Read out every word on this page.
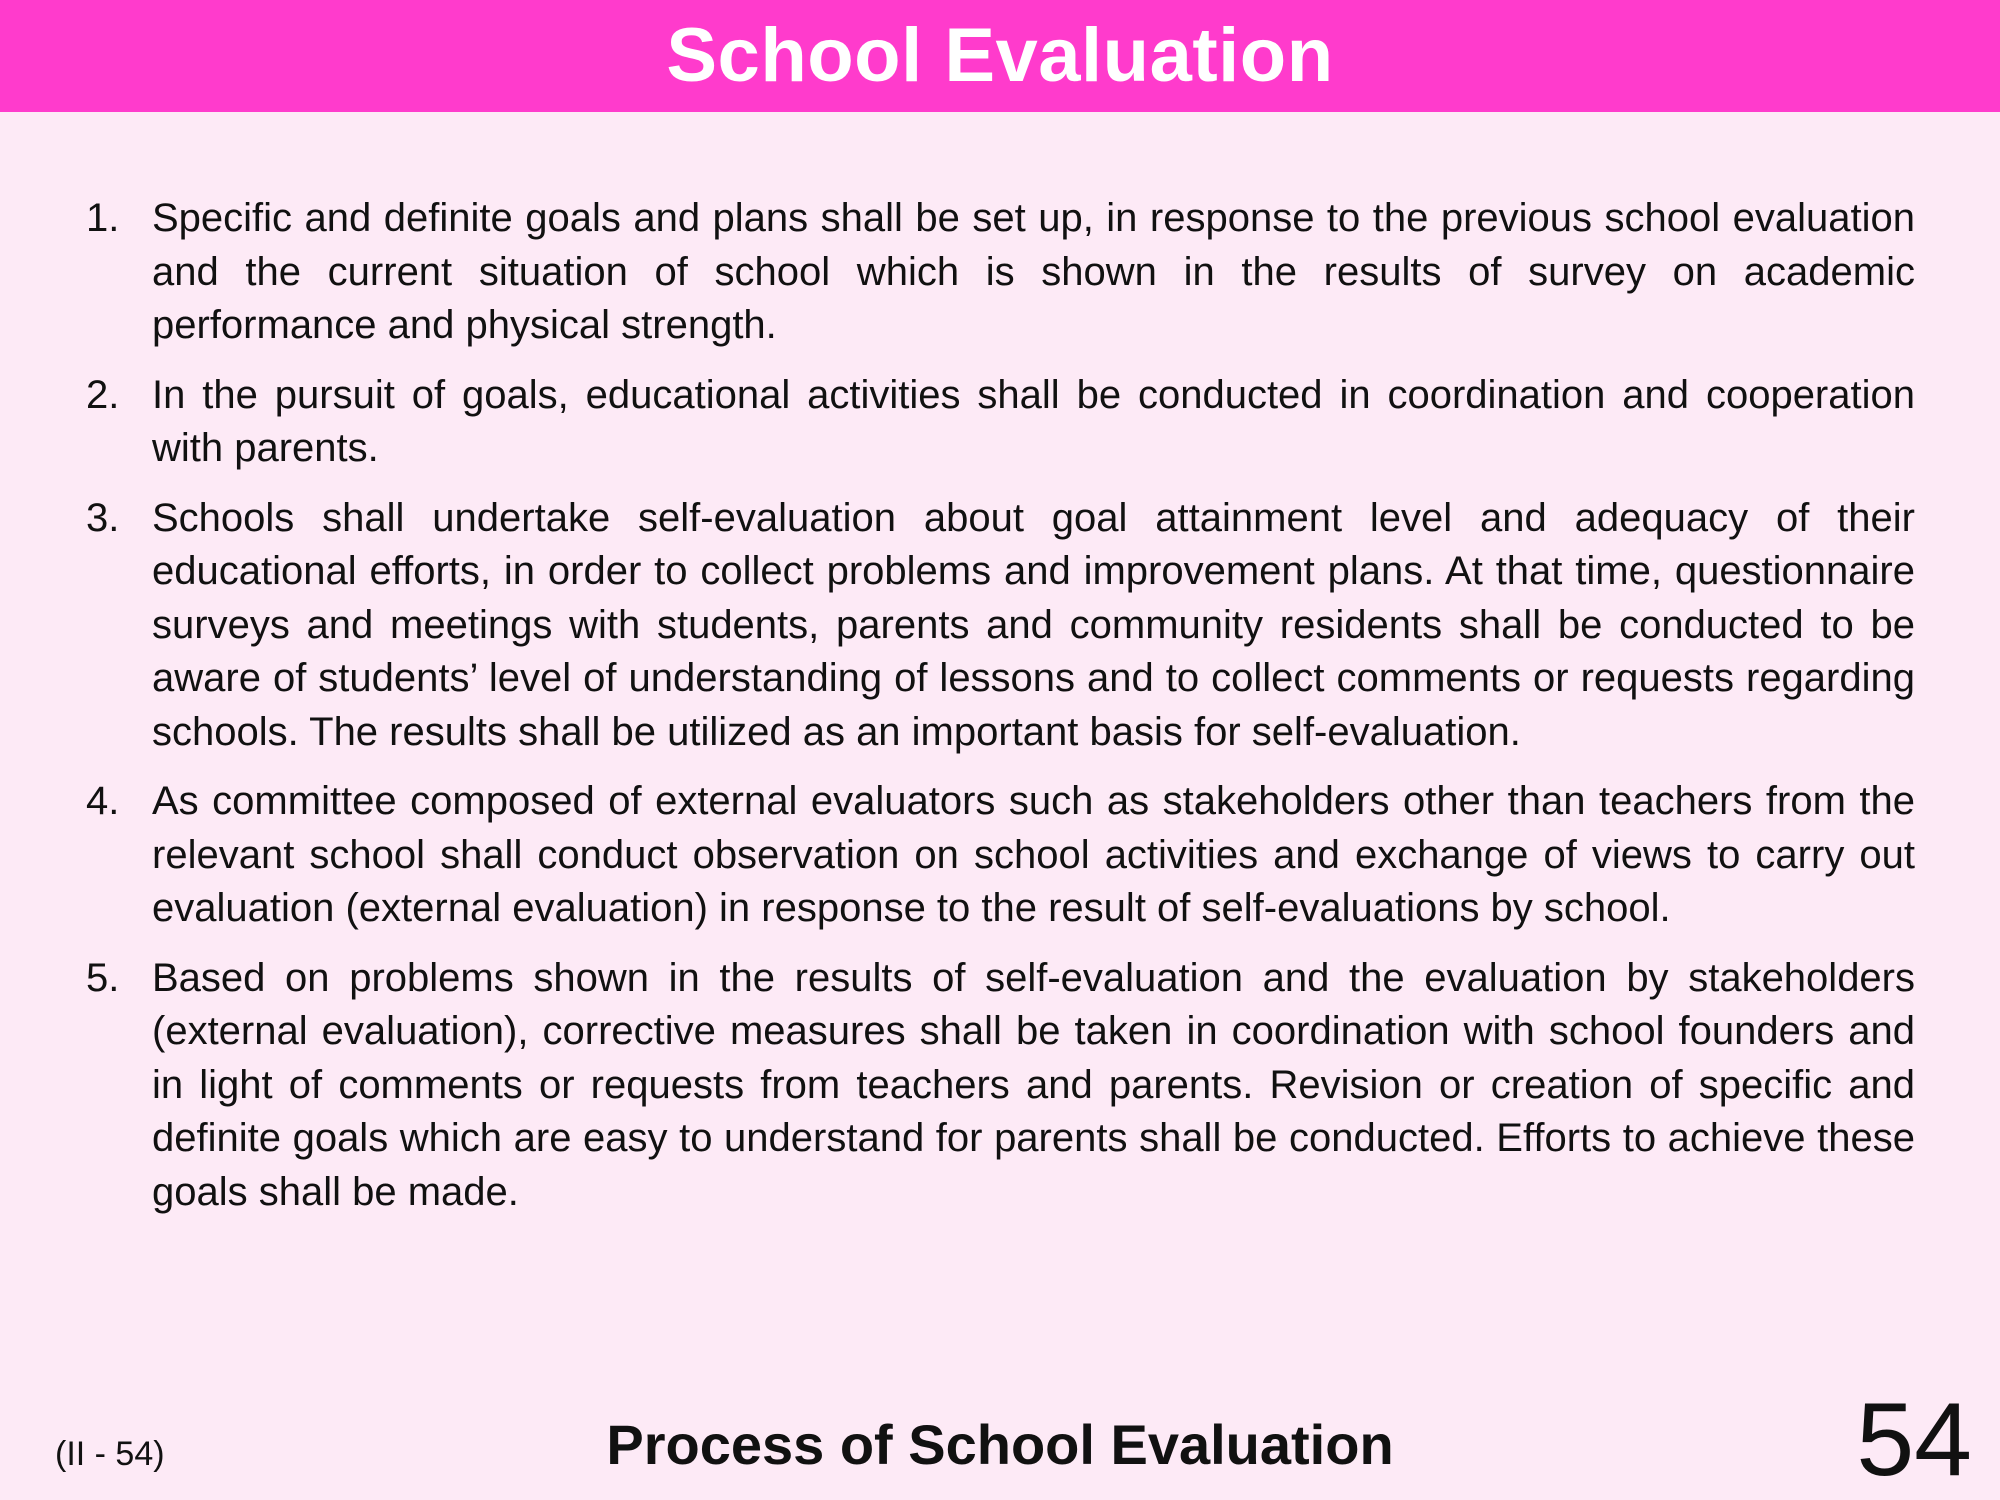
School Evaluation
1. Specific and definite goals and plans shall be set up, in response to the previous school evaluation and the current situation of school which is shown in the results of survey on academic performance and physical strength.
2. In the pursuit of goals, educational activities shall be conducted in coordination and cooperation with parents.
3. Schools shall undertake self-evaluation about goal attainment level and adequacy of their educational efforts, in order to collect problems and improvement plans. At that time, questionnaire surveys and meetings with students, parents and community residents shall be conducted to be aware of students’ level of understanding of lessons and to collect comments or requests regarding schools. The results shall be utilized as an important basis for self-evaluation.
4. As committee composed of external evaluators such as stakeholders other than teachers from the relevant school shall conduct observation on school activities and exchange of views to carry out evaluation (external evaluation) in response to the result of self-evaluations by school.
5. Based on problems shown in the results of self-evaluation and the evaluation by stakeholders (external evaluation), corrective measures shall be taken in coordination with school founders and in light of comments or requests from teachers and parents. Revision or creation of specific and definite goals which are easy to understand for parents shall be conducted. Efforts to achieve these goals shall be made.
(II - 54)	Process of School Evaluation	54
